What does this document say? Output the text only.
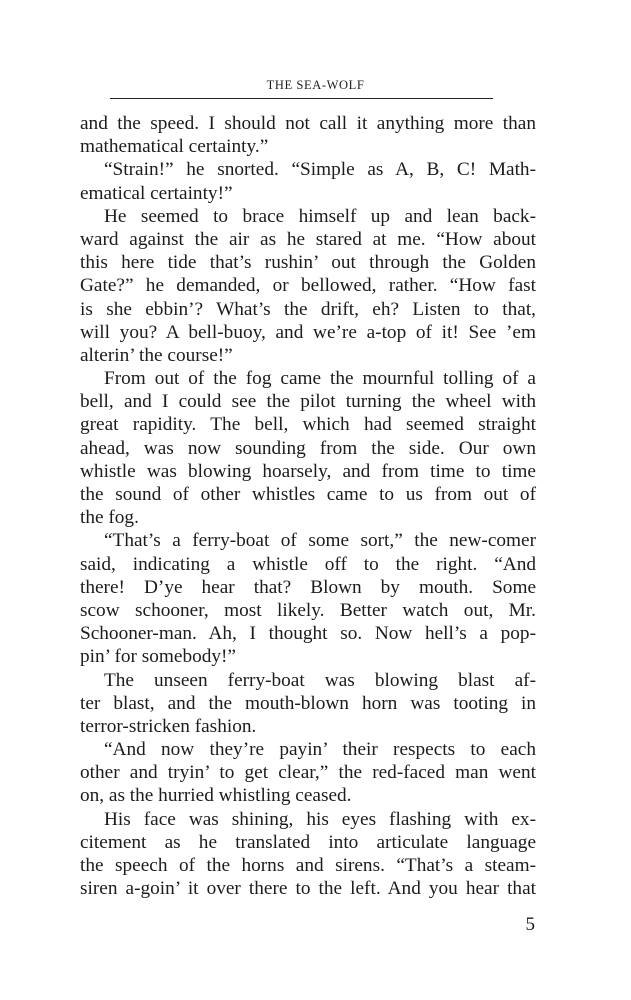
THE SEA-WOLF
and the speed. I should not call it anything more than
mathematical certainty.”
“Strain!” he snorted. “Simple as A, B, C! Math-
ematical certainty!”
He seemed to brace himself up and lean back-
ward against the air as he stared at me. “How about
this here tide that’s rushin’ out through the Golden
Gate?” he demanded, or bellowed, rather. “How fast
is she ebbin’? What’s the drift, eh? Listen to that,
will you? A bell-buoy, and we’re a-top of it! See ’em
alterin’ the course!”
From out of the fog came the mournful tolling of a
bell, and I could see the pilot turning the wheel with
great rapidity. The bell, which had seemed straight
ahead, was now sounding from the side. Our own
whistle was blowing hoarsely, and from time to time
the sound of other whistles came to us from out of
the fog.
“That’s a ferry-boat of some sort,” the new-comer
said, indicating a whistle off to the right. “And
there! D’ye hear that? Blown by mouth. Some
scow schooner, most likely. Better watch out, Mr.
Schooner-man. Ah, I thought so. Now hell’s a pop-
pin’ for somebody!”
The unseen ferry-boat was blowing blast af-
ter blast, and the mouth-blown horn was tooting in
terror-stricken fashion.
“And now they’re payin’ their respects to each
other and tryin’ to get clear,” the red-faced man went
on, as the hurried whistling ceased.
His face was shining, his eyes flashing with ex-
citement as he translated into articulate language
the speech of the horns and sirens. “That’s a steam-
siren a-goin’ it over there to the left. And you hear that
5
